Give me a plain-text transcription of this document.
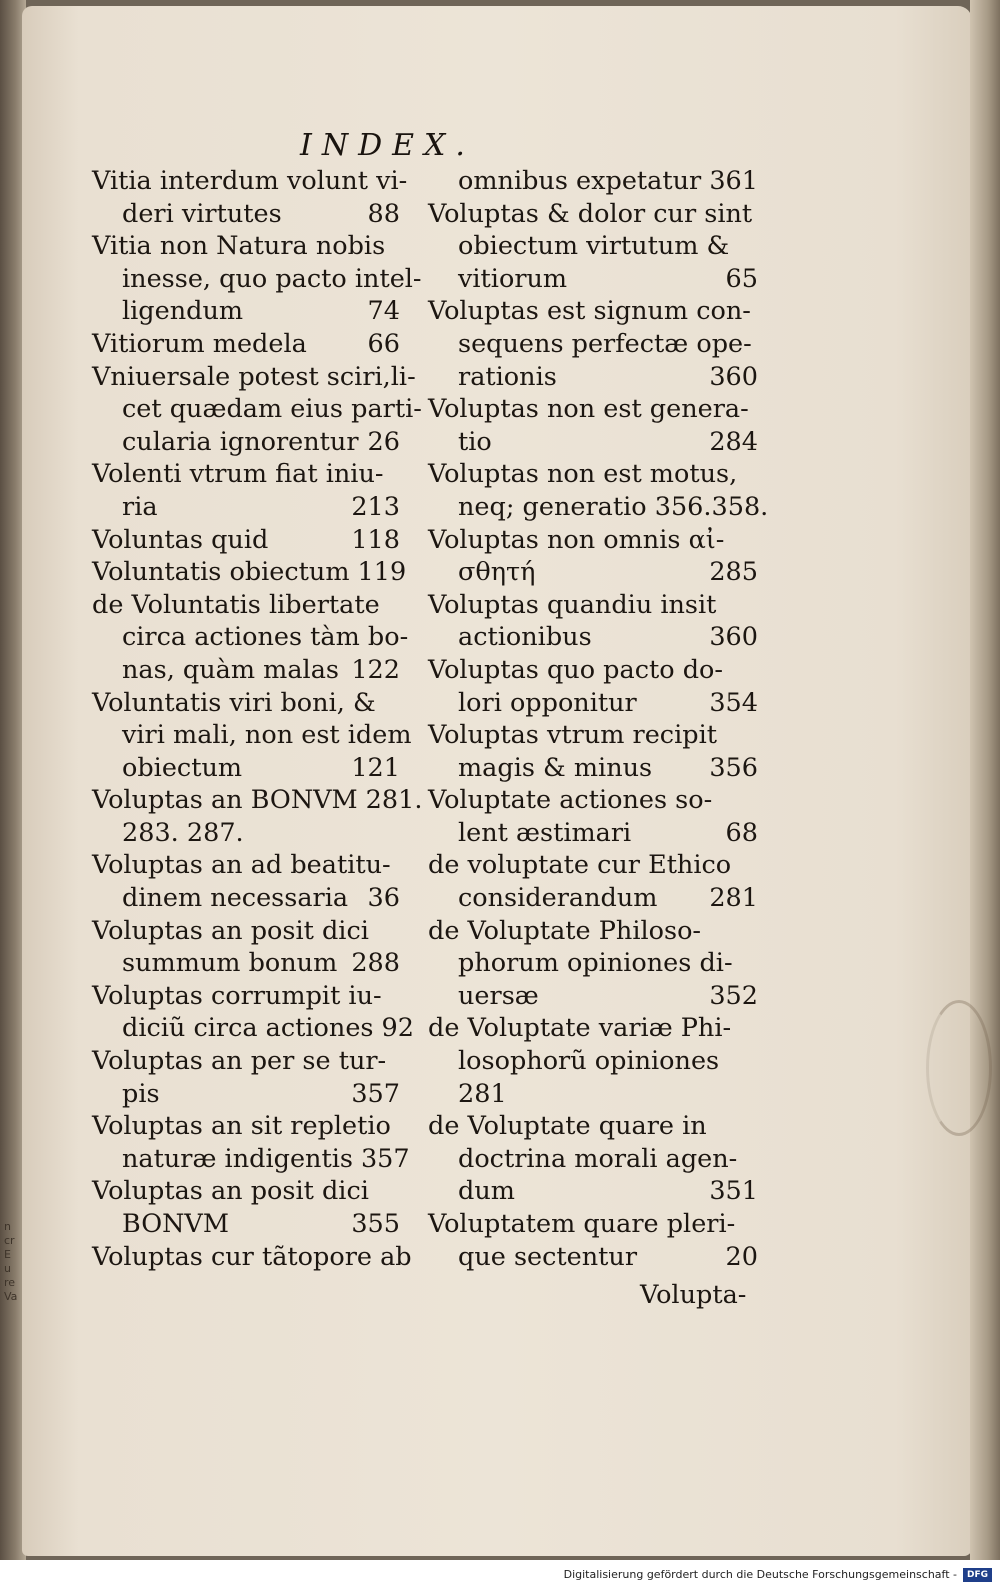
n
cr
E
u
re
Va
INDEX.
Vitia interdum volunt vi-
deri virtutes	88
Vitia non Natura nobis
inesse, quo pacto intel-
ligendum	74
Vitiorum medela	66
Vniuersale potest sciri,li-
cet quædam eius parti-
cularia ignorentur 26
Volenti vtrum fiat iniu-
ria	213
Voluntas quid	118
Voluntatis obiectum 119
de Voluntatis libertate
circa actiones tàm bo-
nas, quàm malas 122
Voluntatis viri boni, &
viri mali, non est idem
obiectum	121
Voluptas an BONVM 281.
283. 287.
Voluptas an ad beatitu-
dinem necessaria 36
Voluptas an posit dici
summum bonum 288
Voluptas corrumpit iu-
diciũ circa actiones 92
Voluptas an per se tur-
pis	357
Voluptas an sit repletio
naturæ indigentis 357
Voluptas an posit dici
BONVM	355
Voluptas cur tãtopore ab
omnibus expetatur 361
Voluptas & dolor cur sint
obiectum virtutum &
vitiorum	65
Voluptas est signum con-
sequens perfectæ ope-
rationis	360
Voluptas non est genera-
tio	284
Voluptas non est motus,
neq; generatio 356.358.
Voluptas non omnis αἰ-
σθητή	285
Voluptas quandiu insit
actionibus	360
Voluptas quo pacto do-
lori opponitur	354
Voluptas vtrum recipit
magis & minus	356
Voluptate actiones so-
lent æstimari	68
de voluptate cur Ethico
considerandum	281
de Voluptate Philoso-
phorum opiniones di-
uersæ	352
de Voluptate variæ Phi-
losophorũ opiniones
281
de Voluptate quare in
doctrina morali agen-
dum	351
Voluptatem quare pleri-
que sectentur	20
Volupta-
Digitalisierung gefördert durch die Deutsche Forschungsgemeinschaft -	DFG
